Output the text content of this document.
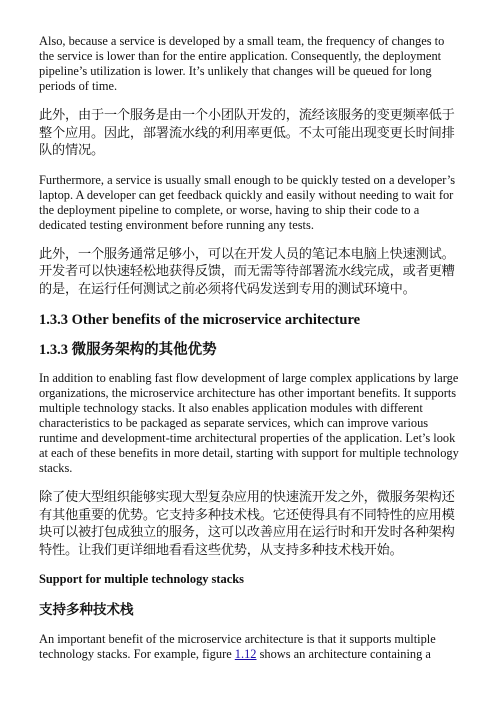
Also, because a service is developed by a small team, the frequency of changes to the service is lower than for the entire application. Consequently, the deployment pipeline’s utilization is lower. It’s unlikely that changes will be queued for long periods of time.

此外，由于一个服务是由一个小团队开发的，流经该服务的变更频率低于整个应用。因此，部署流水线的利用率更低。不太可能出现变更长时间排队的情况。

Furthermore, a service is usually small enough to be quickly tested on a developer’s laptop. A developer can get feedback quickly and easily without needing to wait for the deployment pipeline to complete, or worse, having to ship their code to a dedicated testing environment before running any tests.

此外，一个服务通常足够小，可以在开发人员的笔记本电脑上快速测试。开发者可以快速轻松地获得反馈，而无需等待部署流水线完成，或者更糟的是，在运行任何测试之前必须将代码发送到专用的测试环境中。

1.3.3 Other benefits of the microservice architecture
1.3.3 微服务架构的其他优势

In addition to enabling fast flow development of large complex applications by large organizations, the microservice architecture has other important benefits. It supports multiple technology stacks. It also enables application modules with different characteristics to be packaged as separate services, which can improve various runtime and development-time architectural properties of the application. Let’s look at each of these benefits in more detail, starting with support for multiple technology stacks.

除了使大型组织能够实现大型复杂应用的快速流开发之外，微服务架构还有其他重要的优势。它支持多种技术栈。它还使得具有不同特性的应用模块可以被打包成独立的服务，这可以改善应用在运行时和开发时各种架构特性。让我们更详细地看看这些优势，从支持多种技术栈开始。

Support for multiple technology stacks
支持多种技术栈

An important benefit of the microservice architecture is that it supports multiple technology stacks. For example, figure 1.12 shows an architecture containing a
